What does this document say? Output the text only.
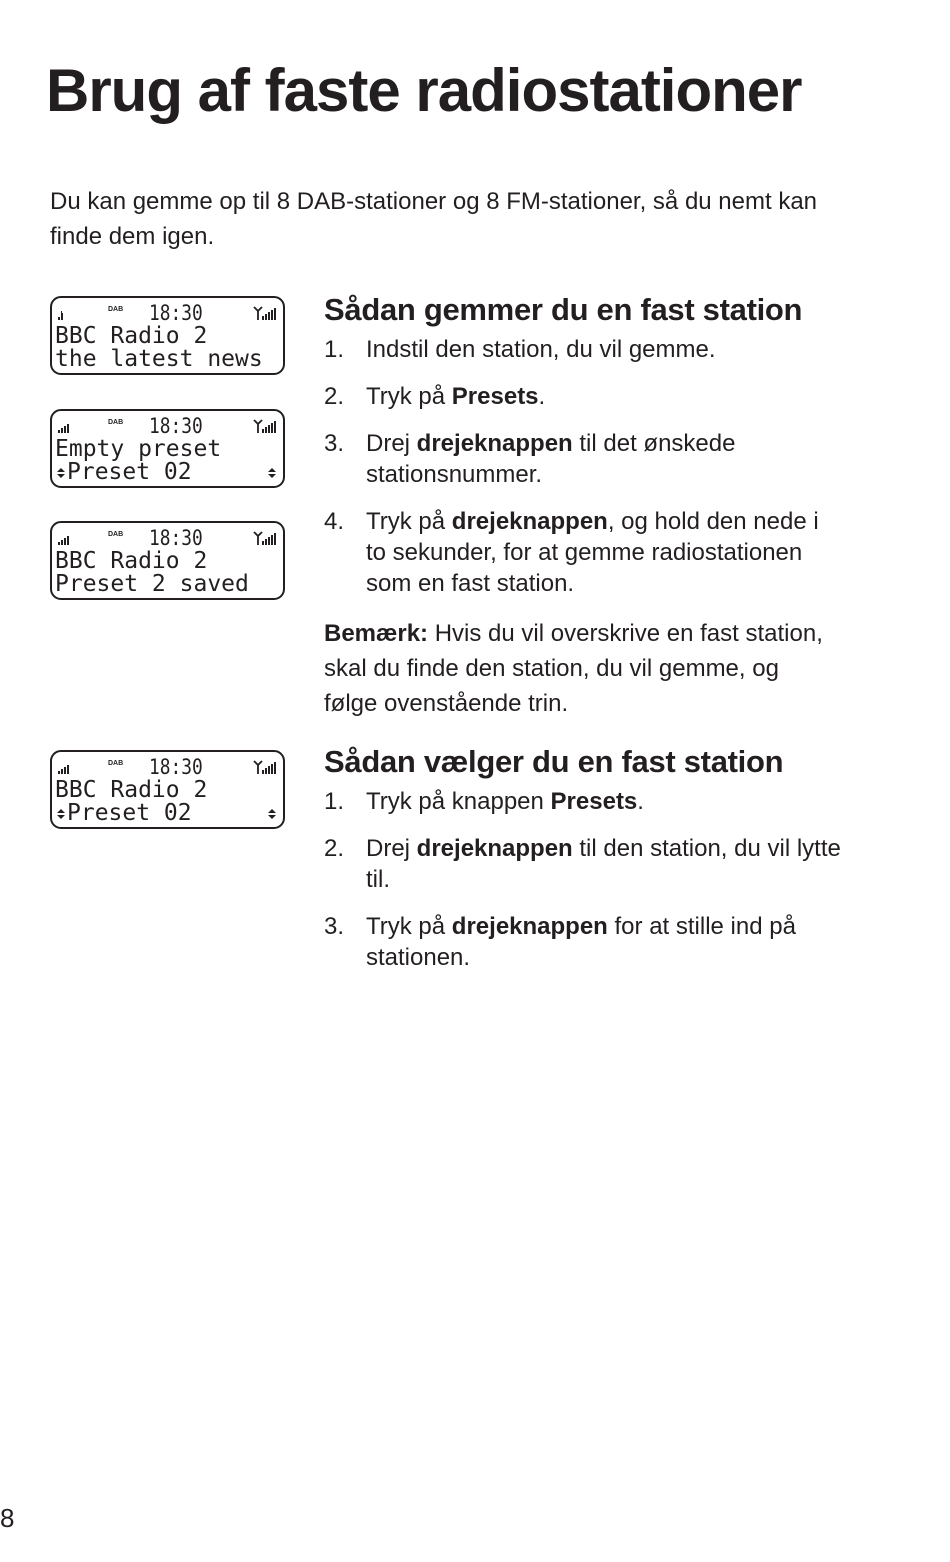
Brug af faste radiostationer

Du kan gemme op til 8 DAB-stationer og 8 FM-stationer, så du nemt kan finde dem igen.

DAB 18:30
BBC Radio 2
the latest news
DAB 18:30
Empty preset
Preset 02
DAB 18:30
BBC Radio 2
Preset 2 saved
DAB 18:30
BBC Radio 2
Preset 02
Sådan gemmer du en fast station
1. Indstil den station, du vil gemme.
2. Tryk på Presets.
3. Drej drejeknappen til det ønskede stationsnummer.
4. Tryk på drejeknappen, og hold den nede i to sekunder, for at gemme radiostationen som en fast station.

Bemærk: Hvis du vil overskrive en fast station, skal du finde den station, du vil gemme, og følge ovenstående trin.

Sådan vælger du en fast station
1. Tryk på knappen Presets.
2. Drej drejeknappen til den station, du vil lytte til.
3. Tryk på drejeknappen for at stille ind på stationen.
8
